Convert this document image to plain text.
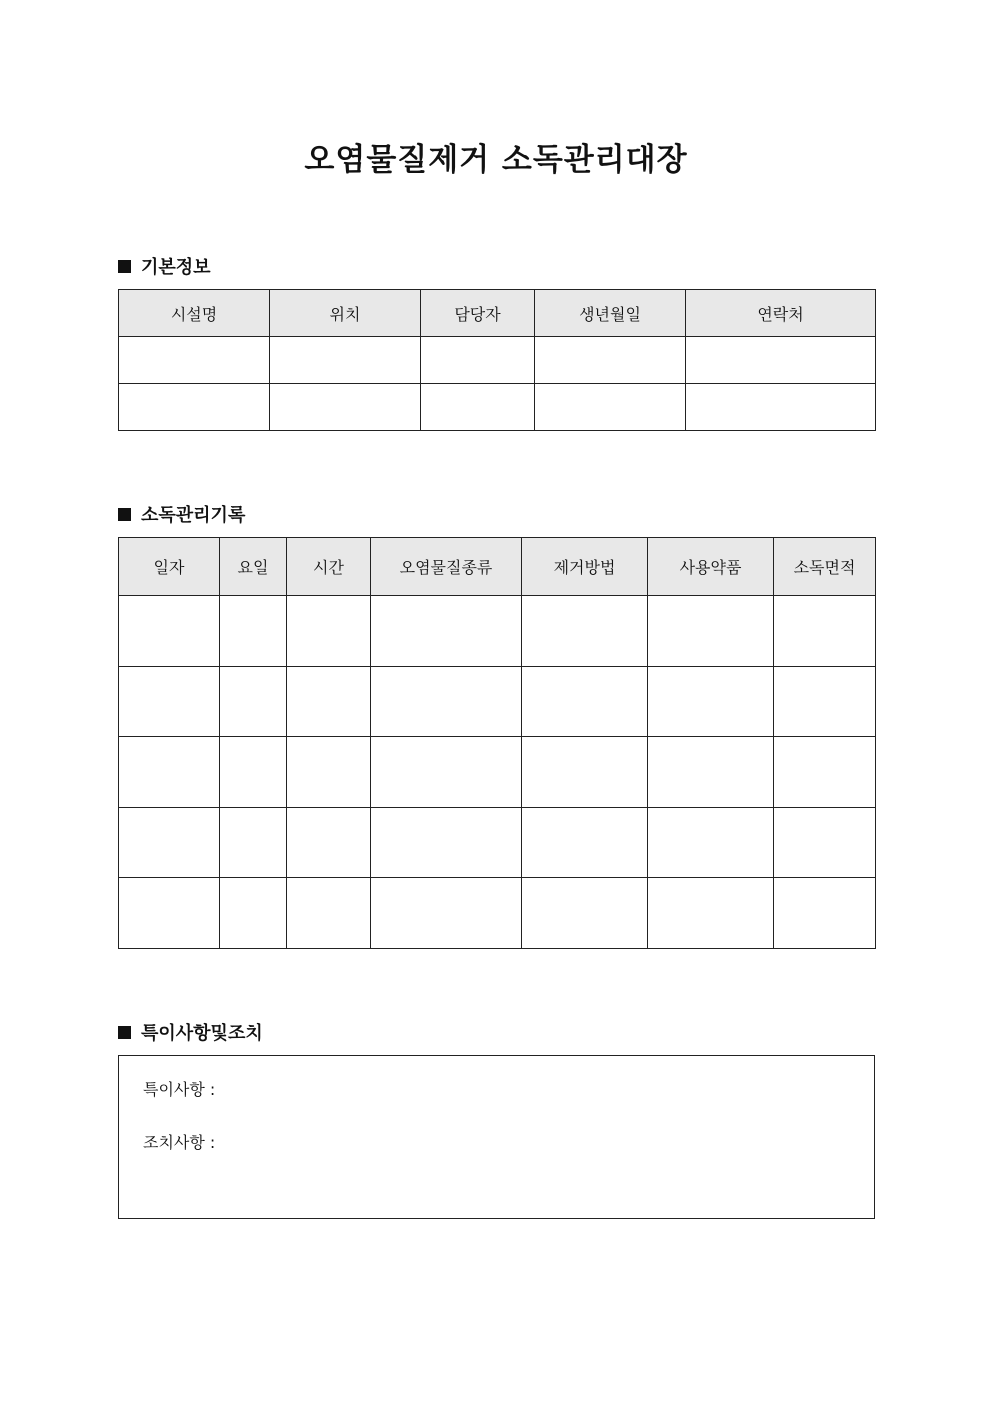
오염물질제거 소독관리대장
기본정보
시설명	위치	담당자	생년월일	연락처

소독관리기록
일자	요일	시간	오염물질종류	제거방법	사용약품	소독면적

특이사항및조치
특이사항 :
조치사항 :
